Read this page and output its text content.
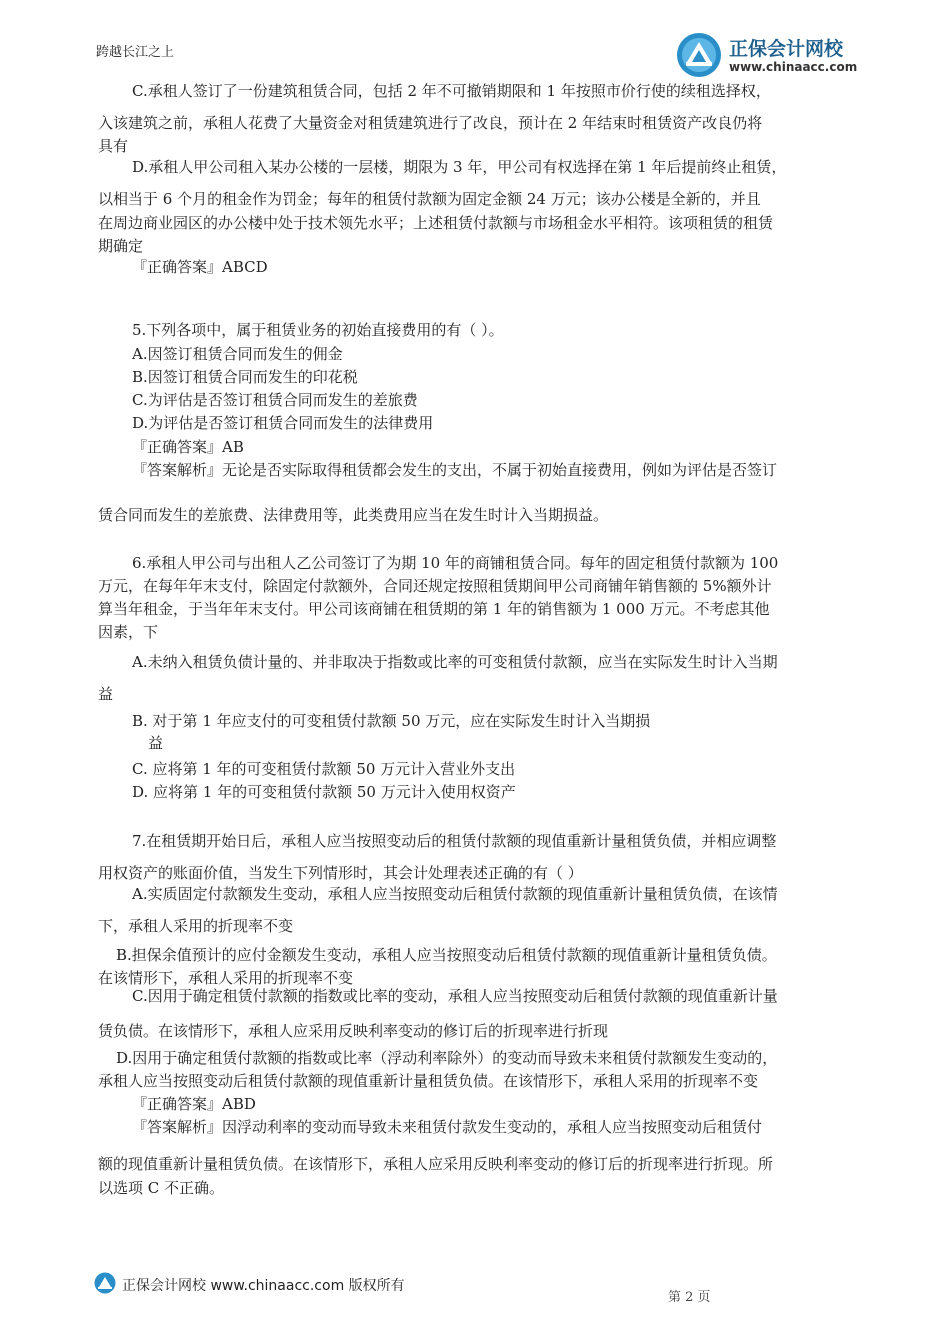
跨越长江之上	正保会计网校
www.chinaacc.com
C.承租人签订了一份建筑租赁合同，包括 2 年不可撤销期限和 1 年按照市价行使的续租选择权，
入该建筑之前，承租人花费了大量资金对租赁建筑进行了改良，预计在 2 年结束时租赁资产改良仍将
具有
D.承租人甲公司租入某办公楼的一层楼，期限为 3 年，甲公司有权选择在第 1 年后提前终止租赁，
以相当于 6 个月的租金作为罚金；每年的租赁付款额为固定金额 24 万元；该办公楼是全新的，并且
在周边商业园区的办公楼中处于技术领先水平；上述租赁付款额与市场租金水平相符。该项租赁的租赁
期确定
『正确答案』ABCD
5.下列各项中，属于租赁业务的初始直接费用的有（ ）。
A.因签订租赁合同而发生的佣金
B.因签订租赁合同而发生的印花税
C.为评估是否签订租赁合同而发生的差旅费
D.为评估是否签订租赁合同而发生的法律费用
『正确答案』AB
『答案解析』无论是否实际取得租赁都会发生的支出，不属于初始直接费用，例如为评估是否签订
赁合同而发生的差旅费、法律费用等，此类费用应当在发生时计入当期损益。
6.承租人甲公司与出租人乙公司签订了为期 10 年的商铺租赁合同。每年的固定租赁付款额为 100
万元，在每年年末支付，除固定付款额外，合同还规定按照租赁期间甲公司商铺年销售额的 5%额外计
算当年租金，于当年年末支付。甲公司该商铺在租赁期的第 1 年的销售额为 1 000 万元。不考虑其他
因素，下
A.未纳入租赁负债计量的、并非取决于指数或比率的可变租赁付款额，应当在实际发生时计入当期
益
B. 对于第 1 年应支付的可变租赁付款额 50 万元，应在实际发生时计入当期损
益
C. 应将第 1 年的可变租赁付款额 50 万元计入营业外支出
D. 应将第 1 年的可变租赁付款额 50 万元计入使用权资产
7.在租赁期开始日后，承租人应当按照变动后的租赁付款额的现值重新计量租赁负债，并相应调整
用权资产的账面价值，当发生下列情形时，其会计处理表述正确的有（ ）
A.实质固定付款额发生变动，承租人应当按照变动后租赁付款额的现值重新计量租赁负债，在该情
下，承租人采用的折现率不变
B.担保余值预计的应付金额发生变动，承租人应当按照变动后租赁付款额的现值重新计量租赁负债。
在该情形下，承租人采用的折现率不变
C.因用于确定租赁付款额的指数或比率的变动，承租人应当按照变动后租赁付款额的现值重新计量
赁负债。在该情形下，承租人应采用反映利率变动的修订后的折现率进行折现
D.因用于确定租赁付款额的指数或比率（浮动利率除外）的变动而导致未来租赁付款额发生变动的，
承租人应当按照变动后租赁付款额的现值重新计量租赁负债。在该情形下，承租人采用的折现率不变
『正确答案』ABD
『答案解析』因浮动利率的变动而导致未来租赁付款发生变动的，承租人应当按照变动后租赁付
额的现值重新计量租赁负债。在该情形下，承租人应采用反映利率变动的修订后的折现率进行折现。所
以选项 C 不正确。
正保会计网校 www.chinaacc.com 版权所有
第 2 页
